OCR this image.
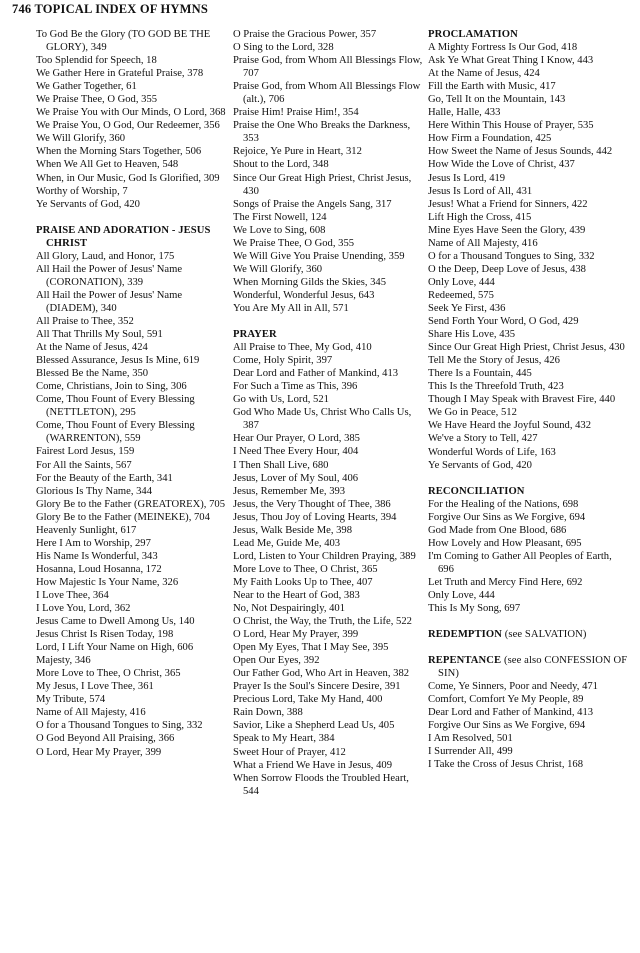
746 TOPICAL INDEX OF HYMNS
To God Be the Glory (TO GOD BE THE GLORY), 349
Too Splendid for Speech, 18
We Gather Here in Grateful Praise, 378
We Gather Together, 61
We Praise Thee, O God, 355
We Praise You with Our Minds, O Lord, 368
We Praise You, O God, Our Redeemer, 356
We Will Glorify, 360
When the Morning Stars Together, 506
When We All Get to Heaven, 548
When, in Our Music, God Is Glorified, 309
Worthy of Worship, 7
Ye Servants of God, 420
PRAISE AND ADORATION - JESUS CHRIST
All Glory, Laud, and Honor, 175
All Hail the Power of Jesus' Name (CORONATION), 339
All Hail the Power of Jesus' Name (DIADEM), 340
All Praise to Thee, 352
All That Thrills My Soul, 591
At the Name of Jesus, 424
Blessed Assurance, Jesus Is Mine, 619
Blessed Be the Name, 350
Come, Christians, Join to Sing, 306
Come, Thou Fount of Every Blessing (NETTLETON), 295
Come, Thou Fount of Every Blessing (WARRENTON), 559
Fairest Lord Jesus, 159
For All the Saints, 567
For the Beauty of the Earth, 341
Glorious Is Thy Name, 344
Glory Be to the Father (GREATOREX), 705
Glory Be to the Father (MEINEKE), 704
Heavenly Sunlight, 617
Here I Am to Worship, 297
His Name Is Wonderful, 343
Hosanna, Loud Hosanna, 172
How Majestic Is Your Name, 326
I Love Thee, 364
I Love You, Lord, 362
Jesus Came to Dwell Among Us, 140
Jesus Christ Is Risen Today, 198
Lord, I Lift Your Name on High, 606
Majesty, 346
More Love to Thee, O Christ, 365
My Jesus, I Love Thee, 361
My Tribute, 574
Name of All Majesty, 416
O for a Thousand Tongues to Sing, 332
O God Beyond All Praising, 366
O Lord, Hear My Prayer, 399
O Praise the Gracious Power, 357
O Sing to the Lord, 328
Praise God, from Whom All Blessings Flow, 707
Praise God, from Whom All Blessings Flow (alt.), 706
Praise Him! Praise Him!, 354
Praise the One Who Breaks the Darkness, 353
Rejoice, Ye Pure in Heart, 312
Shout to the Lord, 348
Since Our Great High Priest, Christ Jesus, 430
Songs of Praise the Angels Sang, 317
The First Nowell, 124
We Love to Sing, 608
We Praise Thee, O God, 355
We Will Give You Praise Unending, 359
We Will Glorify, 360
When Morning Gilds the Skies, 345
Wonderful, Wonderful Jesus, 643
You Are My All in All, 571
PRAYER
All Praise to Thee, My God, 410
Come, Holy Spirit, 397
Dear Lord and Father of Mankind, 413
For Such a Time as This, 396
Go with Us, Lord, 521
God Who Made Us, Christ Who Calls Us, 387
Hear Our Prayer, O Lord, 385
I Need Thee Every Hour, 404
I Then Shall Live, 680
Jesus, Lover of My Soul, 406
Jesus, Remember Me, 393
Jesus, the Very Thought of Thee, 386
Jesus, Thou Joy of Loving Hearts, 394
Jesus, Walk Beside Me, 398
Lead Me, Guide Me, 403
Lord, Listen to Your Children Praying, 389
More Love to Thee, O Christ, 365
My Faith Looks Up to Thee, 407
Near to the Heart of God, 383
No, Not Despairingly, 401
O Christ, the Way, the Truth, the Life, 522
O Lord, Hear My Prayer, 399
Open My Eyes, That I May See, 395
Open Our Eyes, 392
Our Father God, Who Art in Heaven, 382
Prayer Is the Soul's Sincere Desire, 391
Precious Lord, Take My Hand, 400
Rain Down, 388
Savior, Like a Shepherd Lead Us, 405
Speak to My Heart, 384
Sweet Hour of Prayer, 412
What a Friend We Have in Jesus, 409
When Sorrow Floods the Troubled Heart, 544
PROCLAMATION
A Mighty Fortress Is Our God, 418
Ask Ye What Great Thing I Know, 443
At the Name of Jesus, 424
Fill the Earth with Music, 417
Go, Tell It on the Mountain, 143
Halle, Halle, 433
Here Within This House of Prayer, 535
How Firm a Foundation, 425
How Sweet the Name of Jesus Sounds, 442
How Wide the Love of Christ, 437
Jesus Is Lord, 419
Jesus Is Lord of All, 431
Jesus! What a Friend for Sinners, 422
Lift High the Cross, 415
Mine Eyes Have Seen the Glory, 439
Name of All Majesty, 416
O for a Thousand Tongues to Sing, 332
O the Deep, Deep Love of Jesus, 438
Only Love, 444
Redeemed, 575
Seek Ye First, 436
Send Forth Your Word, O God, 429
Share His Love, 435
Since Our Great High Priest, Christ Jesus, 430
Tell Me the Story of Jesus, 426
There Is a Fountain, 445
This Is the Threefold Truth, 423
Though I May Speak with Bravest Fire, 440
We Go in Peace, 512
We Have Heard the Joyful Sound, 432
We've a Story to Tell, 427
Wonderful Words of Life, 163
Ye Servants of God, 420
RECONCILIATION
For the Healing of the Nations, 698
Forgive Our Sins as We Forgive, 694
God Made from One Blood, 686
How Lovely and How Pleasant, 695
I'm Coming to Gather All Peoples of Earth, 696
Let Truth and Mercy Find Here, 692
Only Love, 444
This Is My Song, 697
REDEMPTION (see SALVATION)
REPENTANCE (see also CONFESSION OF SIN)
Come, Ye Sinners, Poor and Needy, 471
Comfort, Comfort Ye My People, 89
Dear Lord and Father of Mankind, 413
Forgive Our Sins as We Forgive, 694
I Am Resolved, 501
I Surrender All, 499
I Take the Cross of Jesus Christ, 168
